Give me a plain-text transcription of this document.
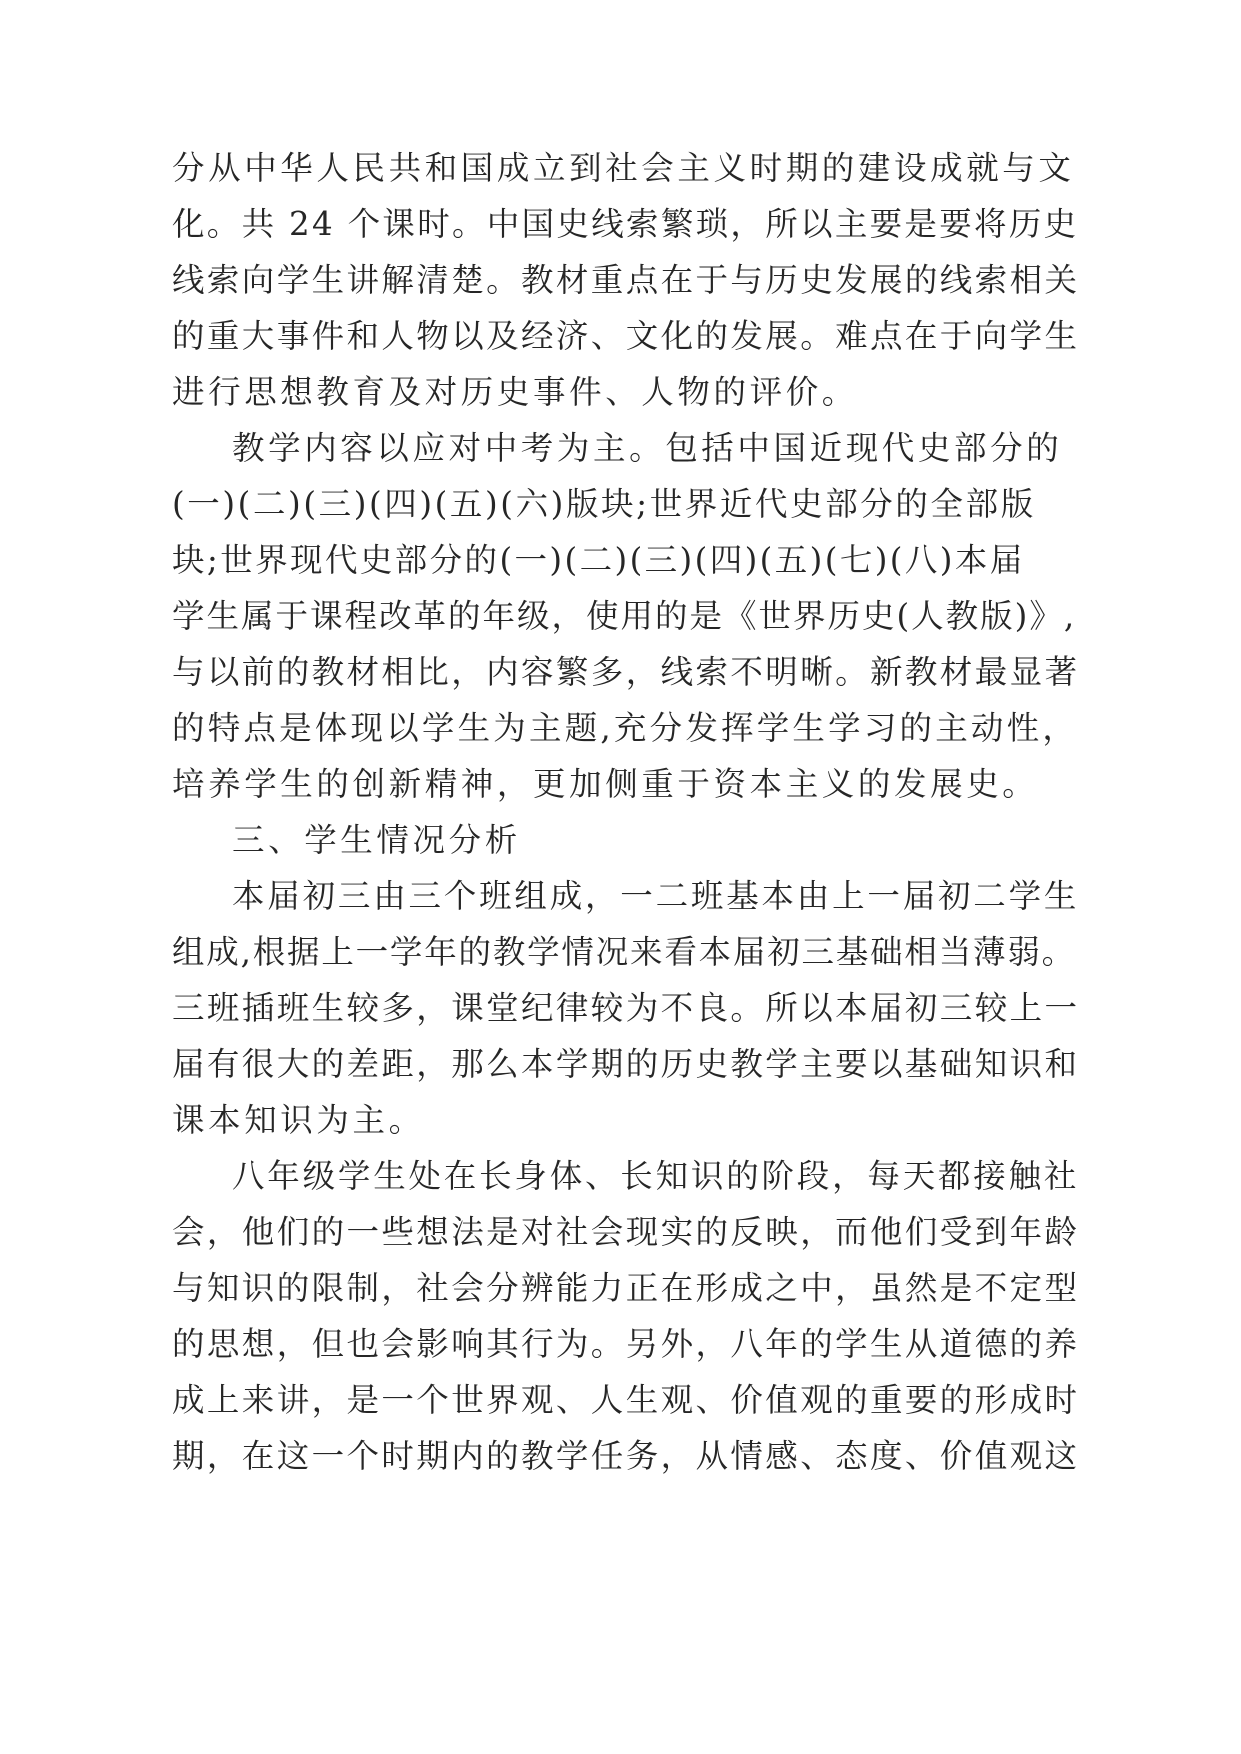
分从中华人民共和国成立到社会主义时期的建设成就与文

化。共 24 个课时。中国史线索繁琐，所以主要是要将历史

线索向学生讲解清楚。教材重点在于与历史发展的线索相关

的重大事件和人物以及经济、文化的发展。难点在于向学生

进行思想教育及对历史事件、人物的评价。

教学内容以应对中考为主。包括中国近现代史部分的

(一)(二)(三)(四)(五)(六)版块;世界近代史部分的全部版

块;世界现代史部分的(一)(二)(三)(四)(五)(七)(八)本届

学生属于课程改革的年级，使用的是《世界历史(人教版)》,

与以前的教材相比，内容繁多，线索不明晰。新教材最显著

的特点是体现以学生为主题,充分发挥学生学习的主动性，

培养学生的创新精神，更加侧重于资本主义的发展史。

三、学生情况分析

本届初三由三个班组成，一二班基本由上一届初二学生

组成,根据上一学年的教学情况来看本届初三基础相当薄弱。

三班插班生较多，课堂纪律较为不良。所以本届初三较上一

届有很大的差距，那么本学期的历史教学主要以基础知识和

课本知识为主。

八年级学生处在长身体、长知识的阶段，每天都接触社

会，他们的一些想法是对社会现实的反映，而他们受到年龄

与知识的限制，社会分辨能力正在形成之中，虽然是不定型

的思想，但也会影响其行为。另外，八年的学生从道德的养

成上来讲，是一个世界观、人生观、价值观的重要的形成时

期，在这一个时期内的教学任务，从情感、态度、价值观这
